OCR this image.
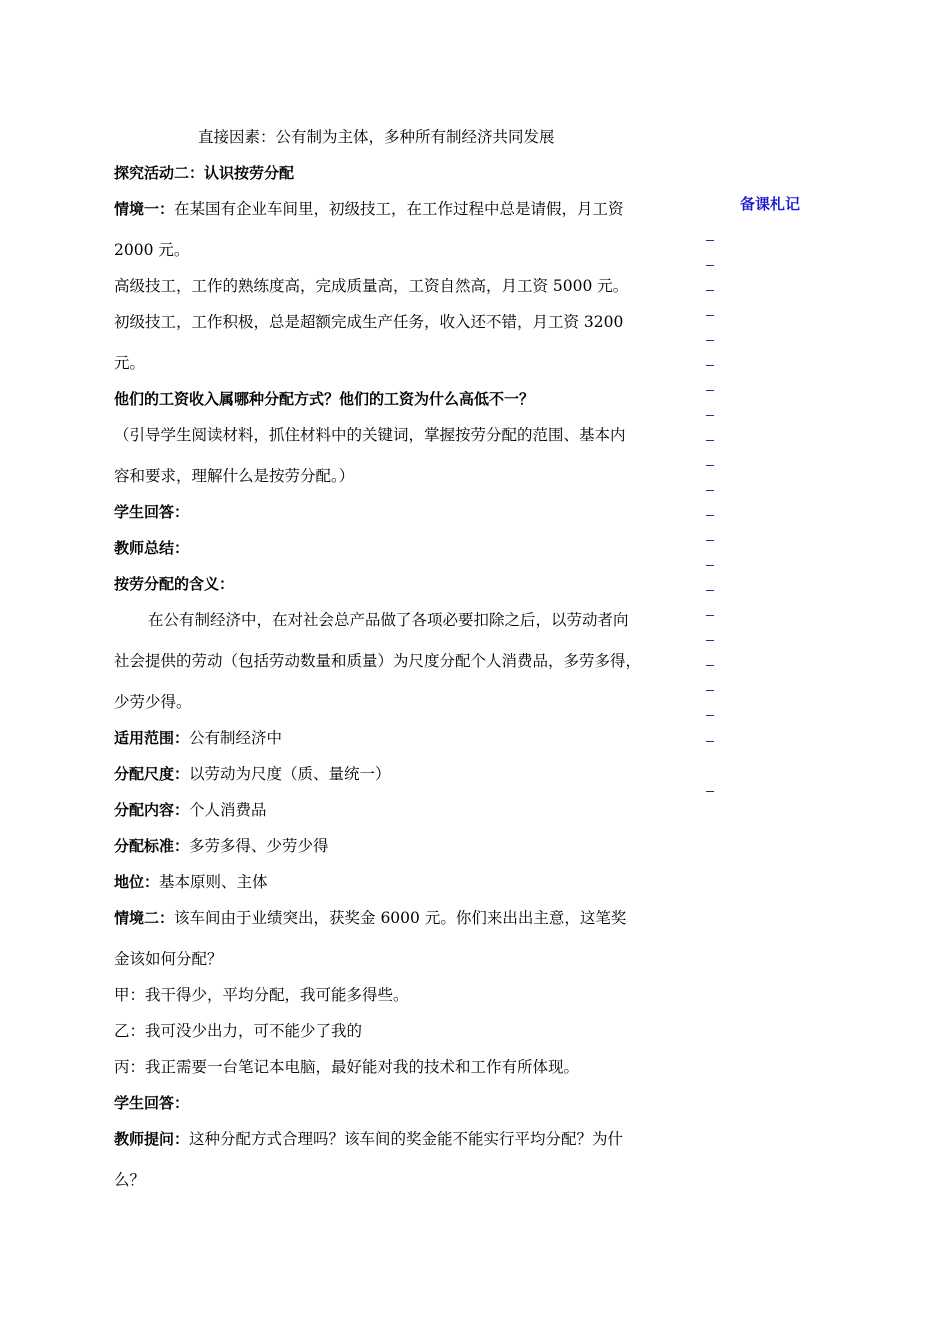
备课札记
直接因素：公有制为主体，多种所有制经济共同发展
探究活动二：认识按劳分配
情境一：在某国有企业车间里，初级技工，在工作过程中总是请假，月工资
2000 元。
高级技工，工作的熟练度高，完成质量高，工资自然高，月工资 5000 元。
初级技工，工作积极，总是超额完成生产任务，收入还不错，月工资 3200
元。
他们的工资收入属哪种分配方式？他们的工资为什么高低不一？
（引导学生阅读材料，抓住材料中的关键词，掌握按劳分配的范围、基本内
容和要求，理解什么是按劳分配。）
学生回答：
教师总结：
按劳分配的含义：
在公有制经济中，在对社会总产品做了各项必要扣除之后，以劳动者向
社会提供的劳动（包括劳动数量和质量）为尺度分配个人消费品，多劳多得，
少劳少得。
适用范围：公有制经济中
分配尺度：以劳动为尺度（质、量统一）
分配内容：个人消费品
分配标准：多劳多得、少劳少得
地位：基本原则、主体
情境二：该车间由于业绩突出，获奖金 6000 元。你们来出出主意，这笔奖
金该如何分配？
甲：我干得少，平均分配，我可能多得些。
乙：我可没少出力，可不能少了我的
丙：我正需要一台笔记本电脑，最好能对我的技术和工作有所体现。
学生回答：
教师提问：这种分配方式合理吗？该车间的奖金能不能实行平均分配？为什
么？
